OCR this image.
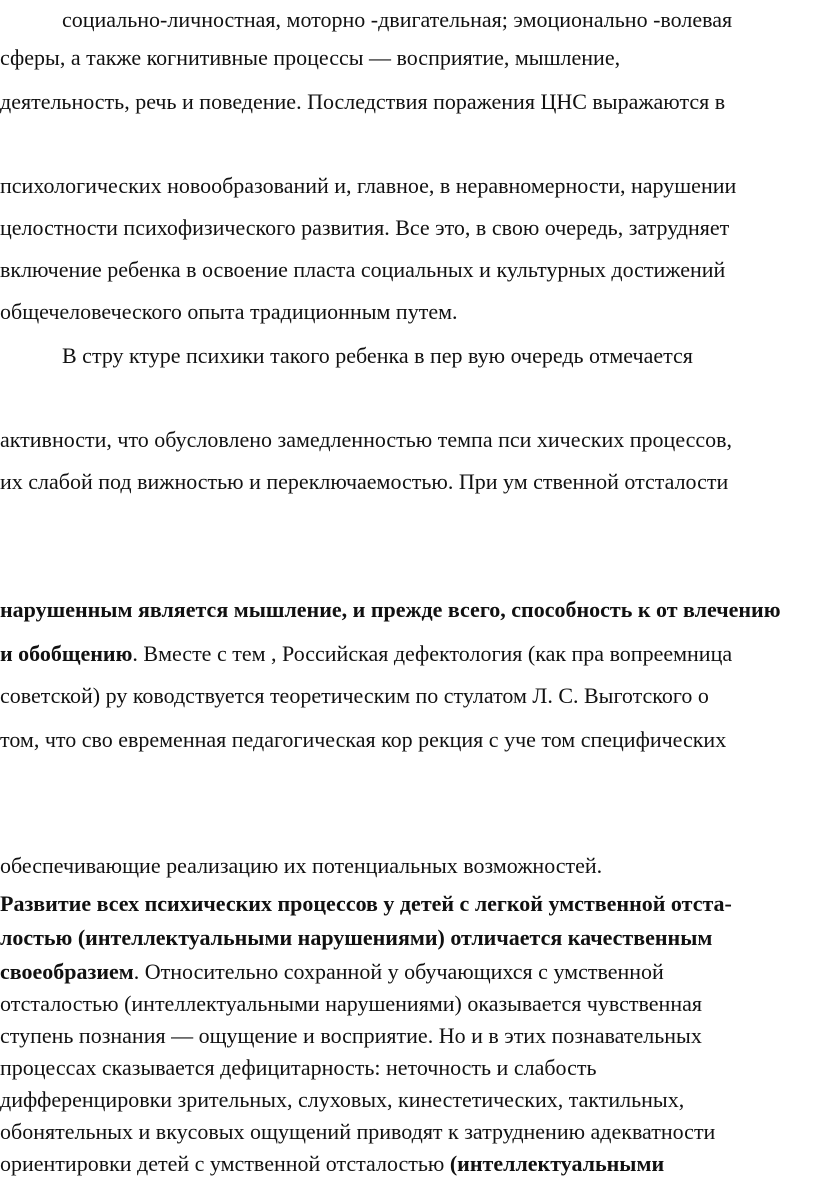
социально-личностная, моторно -двигательная; эмоционально -волевая
сферы, а также когнитивные процессы — восприятие, мышление,
деятельность, речь и поведение. Последствия поражения ЦНС выражаются в
психологических новообразований и, главное, в неравномерности, нарушении
целостности психофизического развития. Все это, в свою очередь, затрудняет
включение ребенка в освоение пласта социальных и культурных достижений
общечеловеческого опыта традиционным путем.
В стру ктуре психики такого ребенка в пер вую очередь отмечается
активности, что обусловлено замедленностью темпа пси хических процессов,
их слабой под вижностью и переключаемостью. При ум ственной отсталости
нарушенным является мышление, и прежде всего, способность к от влечению
и обобщению. Вместе с тем , Российская дефектология (как пра вопреемница
советской) ру ководствуется теоретическим по стулатом Л. С. Выготского о
том, что сво евременная педагогическая кор рекция с уче том специфических
обеспечивающие реализацию их потенциальных возможностей.
Развитие всех психических процессов у детей с легкой умственной отста-
лостью (интеллектуальными нарушениями) отличается качественным
своеобразием. Относительно сохранной у обучающихся с умственной
отсталостью (интеллектуальными нарушениями) оказывается чувственная
ступень познания — ощущение и восприятие. Но и в этих познавательных
процессах сказывается дефицитарность: неточность и слабость
дифференцировки зрительных, слуховых, кинестетических, тактильных,
обонятельных и вкусовых ощущений приводят к затруднению адекватности
ориентировки детей с умственной отсталостью (интеллектуальными
